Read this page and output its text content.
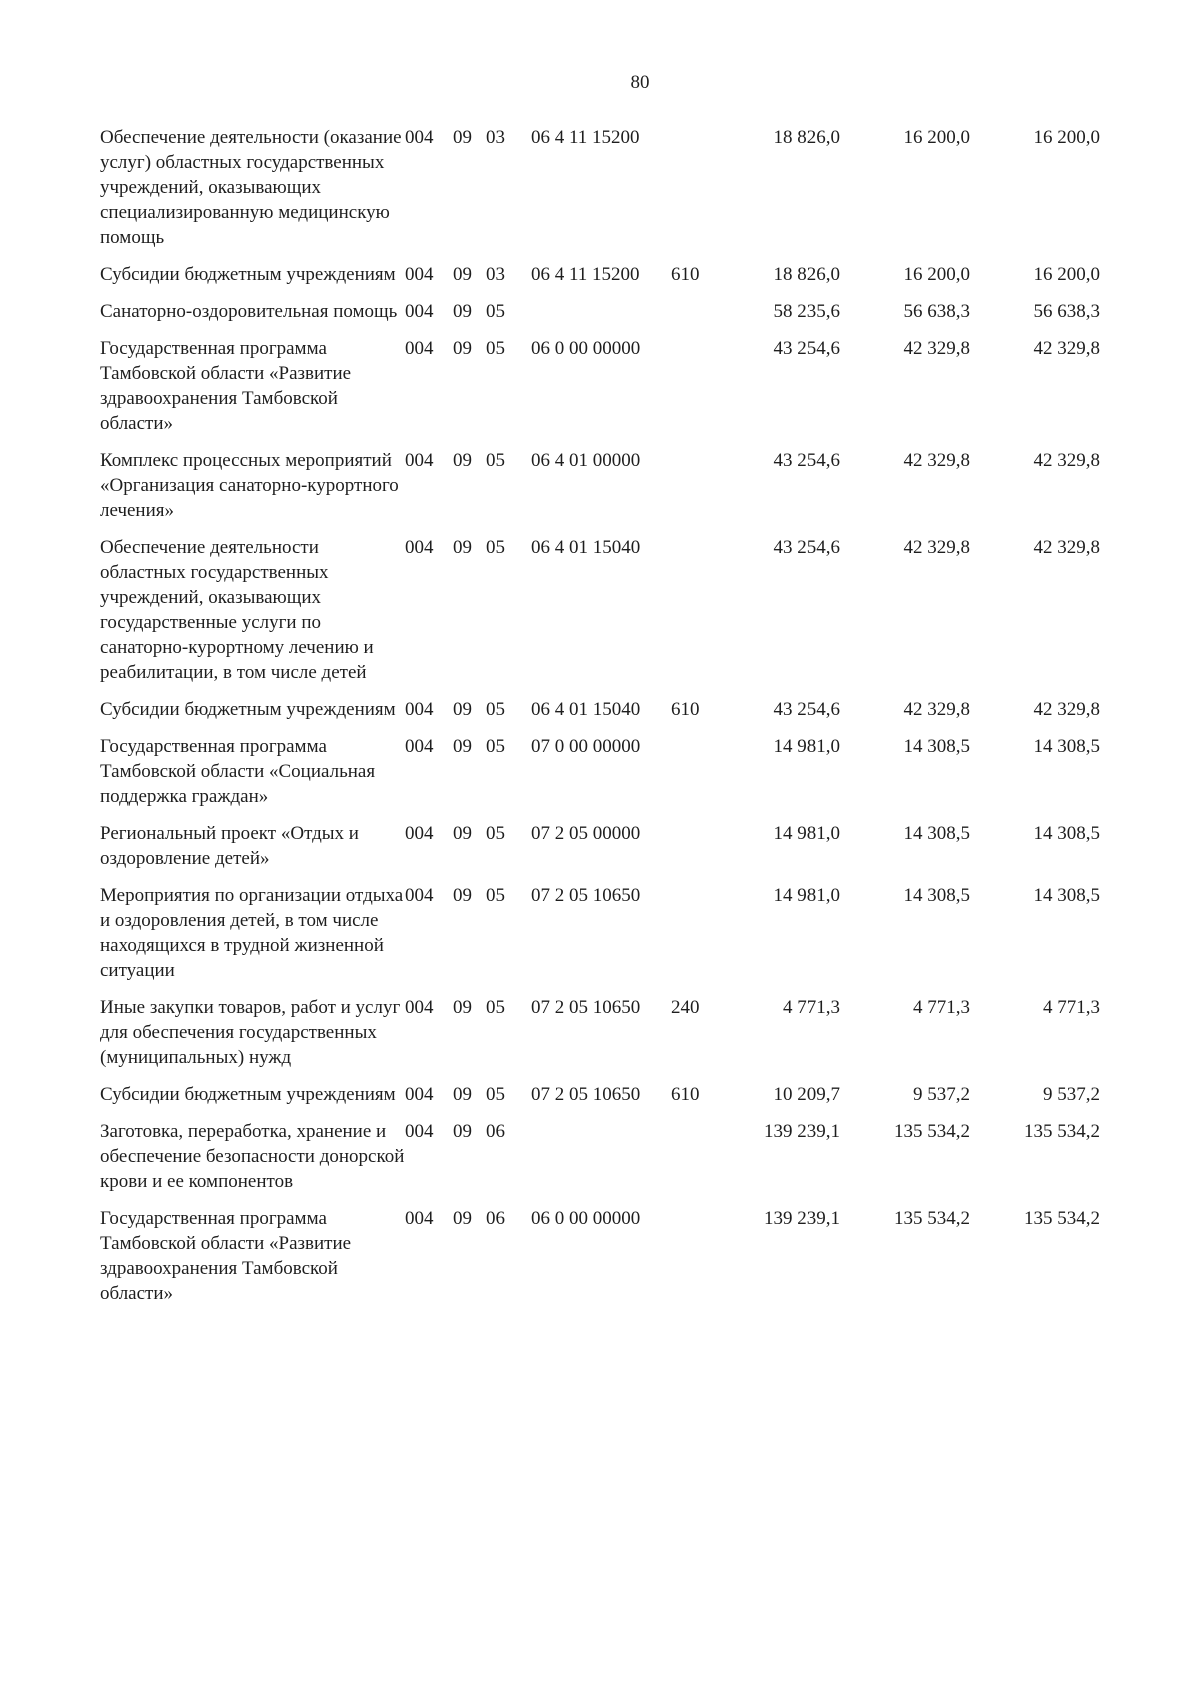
80
Обеспечение деятельности (оказание услуг) областных государственных учреждений, оказывающих специализированную медицинскую помощь	004	09	03	06 4 11 15200		18 826,0	16 200,0	16 200,0
Субсидии бюджетным учреждениям	004	09	03	06 4 11 15200	610	18 826,0	16 200,0	16 200,0
Санаторно-оздоровительная помощь	004	09	05			58 235,6	56 638,3	56 638,3
Государственная программа Тамбовской области «Развитие здравоохранения Тамбовской области»	004	09	05	06 0 00 00000		43 254,6	42 329,8	42 329,8
Комплекс процессных мероприятий «Организация санаторно-курортного лечения»	004	09	05	06 4 01 00000		43 254,6	42 329,8	42 329,8
Обеспечение деятельности областных государственных учреждений, оказывающих государственные услуги по санаторно-курортному лечению и реабилитации, в том числе детей	004	09	05	06 4 01 15040		43 254,6	42 329,8	42 329,8
Субсидии бюджетным учреждениям	004	09	05	06 4 01 15040	610	43 254,6	42 329,8	42 329,8
Государственная программа Тамбовской области «Социальная поддержка граждан»	004	09	05	07 0 00 00000		14 981,0	14 308,5	14 308,5
Региональный проект «Отдых и оздоровление детей»	004	09	05	07 2 05 00000		14 981,0	14 308,5	14 308,5
Мероприятия по организации отдыха и оздоровления детей, в том числе находящихся в трудной жизненной ситуации	004	09	05	07 2 05 10650		14 981,0	14 308,5	14 308,5
Иные закупки товаров, работ и услуг для обеспечения государственных (муниципальных) нужд	004	09	05	07 2 05 10650	240	4 771,3	4 771,3	4 771,3
Субсидии бюджетным учреждениям	004	09	05	07 2 05 10650	610	10 209,7	9 537,2	9 537,2
Заготовка, переработка, хранение и обеспечение безопасности донорской крови и ее компонентов	004	09	06			139 239,1	135 534,2	135 534,2
Государственная программа Тамбовской области «Развитие здравоохранения Тамбовской области»	004	09	06	06 0 00 00000		139 239,1	135 534,2	135 534,2
